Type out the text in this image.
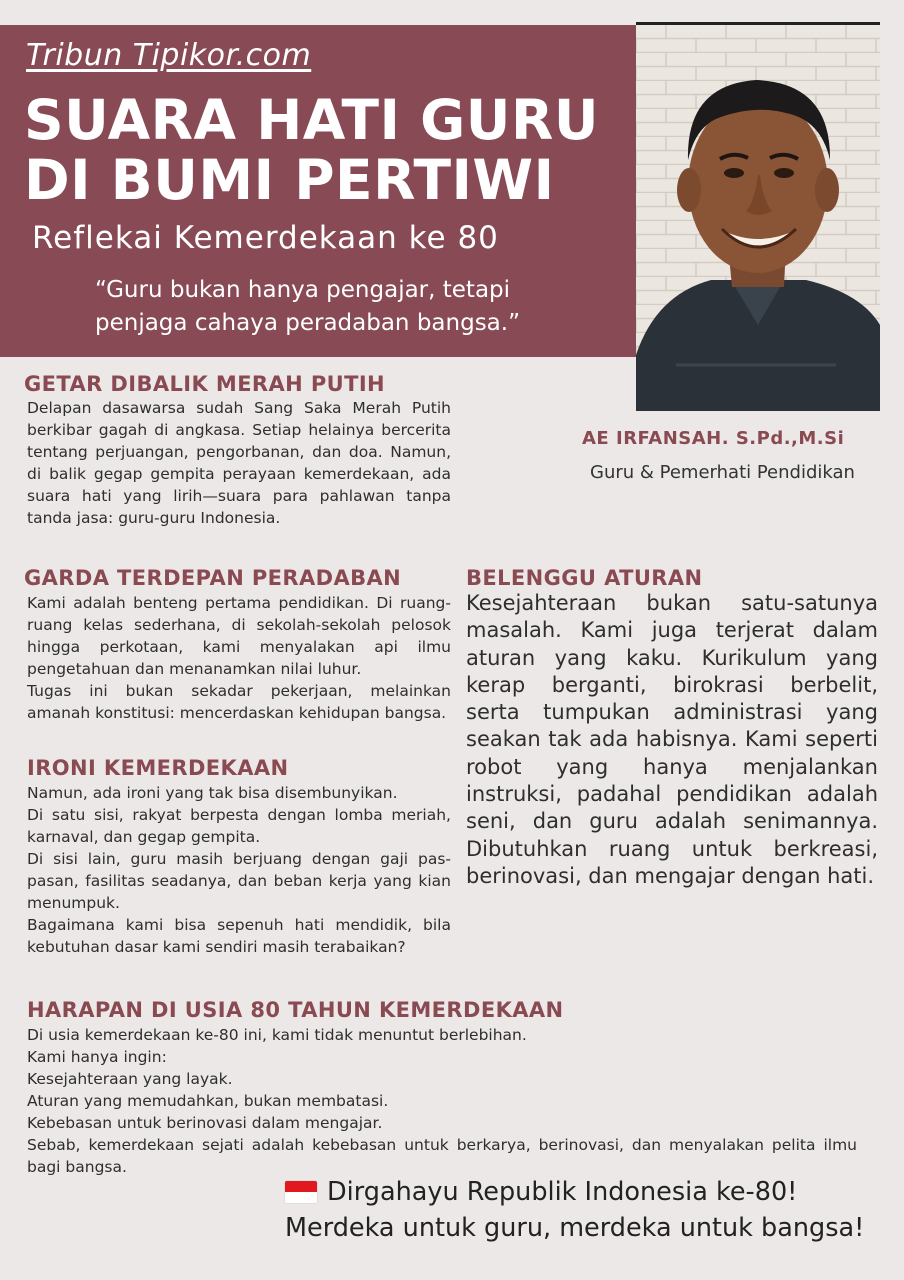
Tribun Tipikor.com
SUARA HATI GURU
DI BUMI PERTIWI
Reflekai Kemerdekaan ke 80
“Guru bukan hanya pengajar, tetapi
penjaga cahaya peradaban bangsa.”
AE IRFANSAH. S.Pd.,M.Si
Guru & Pemerhati Pendidikan
GETAR DIBALIK MERAH PUTIH

Delapan dasawarsa sudah Sang Saka Merah Putih berkibar gagah di angkasa. Setiap helainya bercerita tentang perjuangan, pengorbanan, dan doa. Namun, di balik gegap gempita perayaan kemerdekaan, ada suara hati yang lirih—suara para pahlawan tanpa tanda jasa: guru-guru Indonesia.

GARDA TERDEPAN PERADABAN
Kami adalah benteng pertama pendidikan. Di ruang-ruang kelas sederhana, di sekolah-sekolah pelosok hingga perkotaan, kami menyalakan api ilmu pengetahuan dan menanamkan nilai luhur.
Tugas ini bukan sekadar pekerjaan, melainkan amanah konstitusi: mencerdaskan kehidupan bangsa.
IRONI KEMERDEKAAN
Namun, ada ironi yang tak bisa disembunyikan.
Di satu sisi, rakyat berpesta dengan lomba meriah, karnaval, dan gegap gempita.
Di sisi lain, guru masih berjuang dengan gaji pas-pasan, fasilitas seadanya, dan beban kerja yang kian menumpuk.
Bagaimana kami bisa sepenuh hati mendidik, bila kebutuhan dasar kami sendiri masih terabaikan?
BELENGGU ATURAN

Kesejahteraan bukan satu-satunya masalah. Kami juga terjerat dalam aturan yang kaku. Kurikulum yang kerap berganti, birokrasi berbelit, serta tumpukan administrasi yang seakan tak ada habisnya. Kami seperti robot yang hanya menjalankan instruksi, padahal pendidikan adalah seni, dan guru adalah senimannya. Dibutuhkan ruang untuk berkreasi, berinovasi, dan mengajar dengan hati.

HARAPAN DI USIA 80 TAHUN KEMERDEKAAN
Di usia kemerdekaan ke-80 ini, kami tidak menuntut berlebihan.
Kami hanya ingin:
Kesejahteraan yang layak.
Aturan yang memudahkan, bukan membatasi.
Kebebasan untuk berinovasi dalam mengajar.
Sebab, kemerdekaan sejati adalah kebebasan untuk berkarya, berinovasi, dan menyalakan pelita ilmu bagi bangsa.
Dirgahayu Republik Indonesia ke-80!
Merdeka untuk guru, merdeka untuk bangsa!
